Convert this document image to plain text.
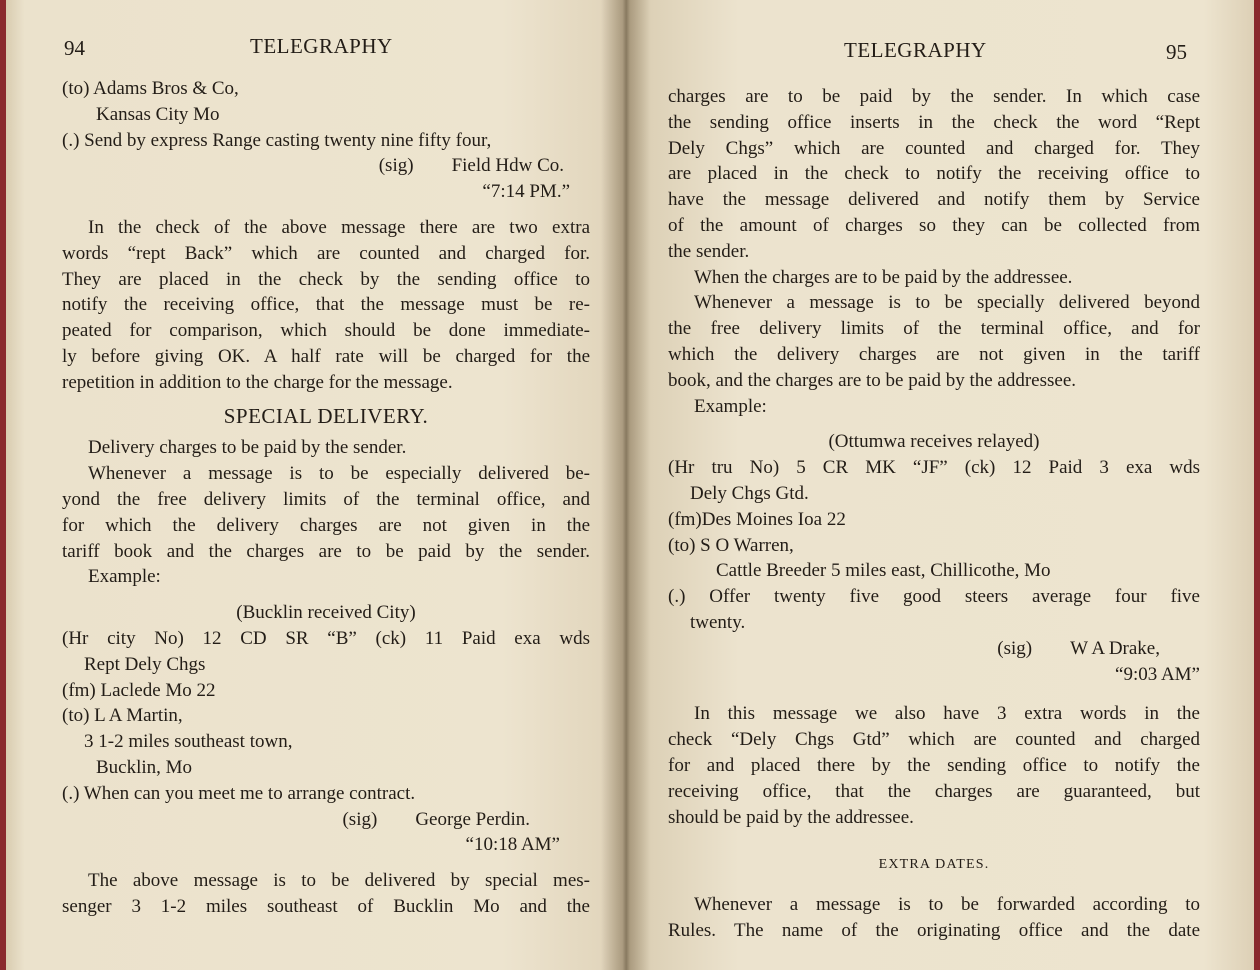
94	TELEGRAPHY
(to) Adams Bros & Co,
Kansas City Mo
(.) Send by express Range casting twenty nine fifty four,
(sig) Field Hdw Co.
“7:14 PM.”
In the check of the above message there are two extra
words “rept Back” which are counted and charged for.
They are placed in the check by the sending office to
notify the receiving office, that the message must be re-
peated for comparison, which should be done immediate-
ly before giving OK. A half rate will be charged for the
repetition in addition to the charge for the message.
SPECIAL DELIVERY.
Delivery charges to be paid by the sender.
Whenever a message is to be especially delivered be-
yond the free delivery limits of the terminal office, and
for which the delivery charges are not given in the
tariff book and the charges are to be paid by the sender.
Example:
(Bucklin received City)
(Hr city No) 12 CD SR “B” (ck) 11 Paid exa wds
Rept Dely Chgs
(fm) Laclede Mo 22
(to) L A Martin,
3 1-2 miles southeast town,
Bucklin, Mo
(.) When can you meet me to arrange contract.
(sig) George Perdin.
“10:18 AM”
The above message is to be delivered by special mes-
senger 3 1-2 miles southeast of Bucklin Mo and the
TELEGRAPHY	95
charges are to be paid by the sender. In which case
the sending office inserts in the check the word “Rept
Dely Chgs” which are counted and charged for. They
are placed in the check to notify the receiving office to
have the message delivered and notify them by Service
of the amount of charges so they can be collected from
the sender.
When the charges are to be paid by the addressee.
Whenever a message is to be specially delivered beyond
the free delivery limits of the terminal office, and for
which the delivery charges are not given in the tariff
book, and the charges are to be paid by the addressee.
Example:
(Ottumwa receives relayed)
(Hr tru No) 5 CR MK “JF” (ck) 12 Paid 3 exa wds
Dely Chgs Gtd.
(fm)Des Moines Ioa 22
(to) S O Warren,
Cattle Breeder 5 miles east, Chillicothe, Mo
(.) Offer twenty five good steers average four five
twenty.
(sig) W A Drake,
“9:03 AM”
In this message we also have 3 extra words in the
check “Dely Chgs Gtd” which are counted and charged
for and placed there by the sending office to notify the
receiving office, that the charges are guaranteed, but
should be paid by the addressee.
EXTRA DATES.
Whenever a message is to be forwarded according to
Rules. The name of the originating office and the date
